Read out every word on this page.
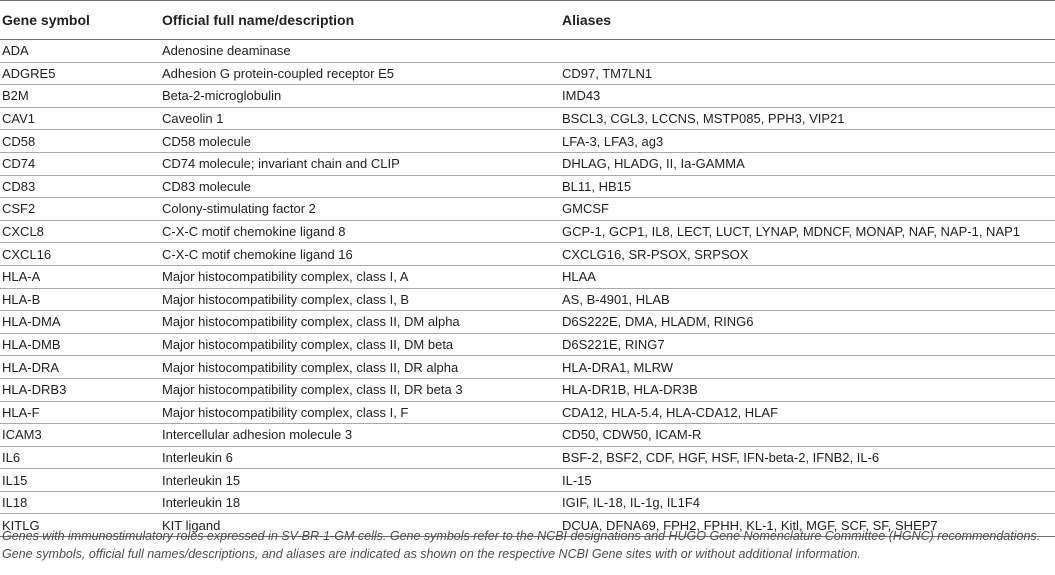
Gene symbol	Official full name/description	Aliases
ADA	Adenosine deaminase	
ADGRE5	Adhesion G protein-coupled receptor E5	CD97, TM7LN1
B2M	Beta-2-microglobulin	IMD43
CAV1	Caveolin 1	BSCL3, CGL3, LCCNS, MSTP085, PPH3, VIP21
CD58	CD58 molecule	LFA-3, LFA3, ag3
CD74	CD74 molecule; invariant chain and CLIP	DHLAG, HLADG, II, Ia-GAMMA
CD83	CD83 molecule	BL11, HB15
CSF2	Colony-stimulating factor 2	GMCSF
CXCL8	C-X-C motif chemokine ligand 8	GCP-1, GCP1, IL8, LECT, LUCT, LYNAP, MDNCF, MONAP, NAF, NAP-1, NAP1
CXCL16	C-X-C motif chemokine ligand 16	CXCLG16, SR-PSOX, SRPSOX
HLA-A	Major histocompatibility complex, class I, A	HLAA
HLA-B	Major histocompatibility complex, class I, B	AS, B-4901, HLAB
HLA-DMA	Major histocompatibility complex, class II, DM alpha	D6S222E, DMA, HLADM, RING6
HLA-DMB	Major histocompatibility complex, class II, DM beta	D6S221E, RING7
HLA-DRA	Major histocompatibility complex, class II, DR alpha	HLA-DRA1, MLRW
HLA-DRB3	Major histocompatibility complex, class II, DR beta 3	HLA-DR1B, HLA-DR3B
HLA-F	Major histocompatibility complex, class I, F	CDA12, HLA-5.4, HLA-CDA12, HLAF
ICAM3	Intercellular adhesion molecule 3	CD50, CDW50, ICAM-R
IL6	Interleukin 6	BSF-2, BSF2, CDF, HGF, HSF, IFN-beta-2, IFNB2, IL-6
IL15	Interleukin 15	IL-15
IL18	Interleukin 18	IGIF, IL-18, IL-1g, IL1F4
KITLG	KIT ligand	DCUA, DFNA69, FPH2, FPHH, KL-1, Kitl, MGF, SCF, SF, SHEP7
Genes with immunostimulatory roles expressed in SV-BR-1-GM cells. Gene symbols refer to the NCBI designations and HUGO Gene Nomenclature Committee (HGNC) recommendations. Gene symbols, official full names/descriptions, and aliases are indicated as shown on the respective NCBI Gene sites with or without additional information.
